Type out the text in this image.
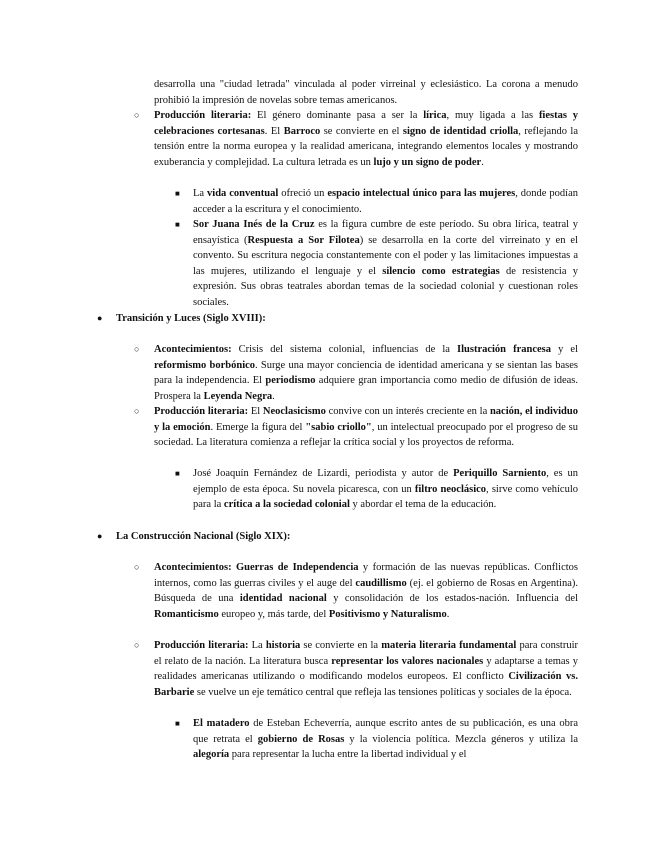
desarrolla una "ciudad letrada" vinculada al poder virreinal y eclesiástico. La corona a menudo prohibió la impresión de novelas sobre temas americanos.
○ Producción literaria: El género dominante pasa a ser la lírica, muy ligada a las fiestas y celebraciones cortesanas. El Barroco se convierte en el signo de identidad criolla, reflejando la tensión entre la norma europea y la realidad americana, integrando elementos locales y mostrando exuberancia y complejidad. La cultura letrada es un lujo y un signo de poder.
■ La vida conventual ofreció un espacio intelectual único para las mujeres, donde podían acceder a la escritura y el conocimiento.
■ Sor Juana Inés de la Cruz es la figura cumbre de este período. Su obra lírica, teatral y ensayística (Respuesta a Sor Filotea) se desarrolla en la corte del virreinato y en el convento. Su escritura negocia constantemente con el poder y las limitaciones impuestas a las mujeres, utilizando el lenguaje y el silencio como estrategias de resistencia y expresión. Sus obras teatrales abordan temas de la sociedad colonial y cuestionan roles sociales.
● Transición y Luces (Siglo XVIII):
○ Acontecimientos: Crisis del sistema colonial, influencias de la Ilustración francesa y el reformismo borbónico. Surge una mayor conciencia de identidad americana y se sientan las bases para la independencia. El periodismo adquiere gran importancia como medio de difusión de ideas. Prospera la Leyenda Negra.
○ Producción literaria: El Neoclasicismo convive con un interés creciente en la nación, el individuo y la emoción. Emerge la figura del "sabio criollo", un intelectual preocupado por el progreso de su sociedad. La literatura comienza a reflejar la crítica social y los proyectos de reforma.
■ José Joaquín Fernández de Lizardi, periodista y autor de Periquillo Sarniento, es un ejemplo de esta época. Su novela picaresca, con un filtro neoclásico, sirve como vehículo para la crítica a la sociedad colonial y abordar el tema de la educación.
● La Construcción Nacional (Siglo XIX):
○ Acontecimientos: Guerras de Independencia y formación de las nuevas repúblicas. Conflictos internos, como las guerras civiles y el auge del caudillismo (ej. el gobierno de Rosas en Argentina). Búsqueda de una identidad nacional y consolidación de los estados-nación. Influencia del Romanticismo europeo y, más tarde, del Positivismo y Naturalismo.
○ Producción literaria: La historia se convierte en la materia literaria fundamental para construir el relato de la nación. La literatura busca representar los valores nacionales y adaptarse a temas y realidades americanas utilizando o modificando modelos europeos. El conflicto Civilización vs. Barbarie se vuelve un eje temático central que refleja las tensiones políticas y sociales de la época.
■ El matadero de Esteban Echeverría, aunque escrito antes de su publicación, es una obra que retrata el gobierno de Rosas y la violencia política. Mezcla géneros y utiliza la alegoría para representar la lucha entre la libertad individual y el
